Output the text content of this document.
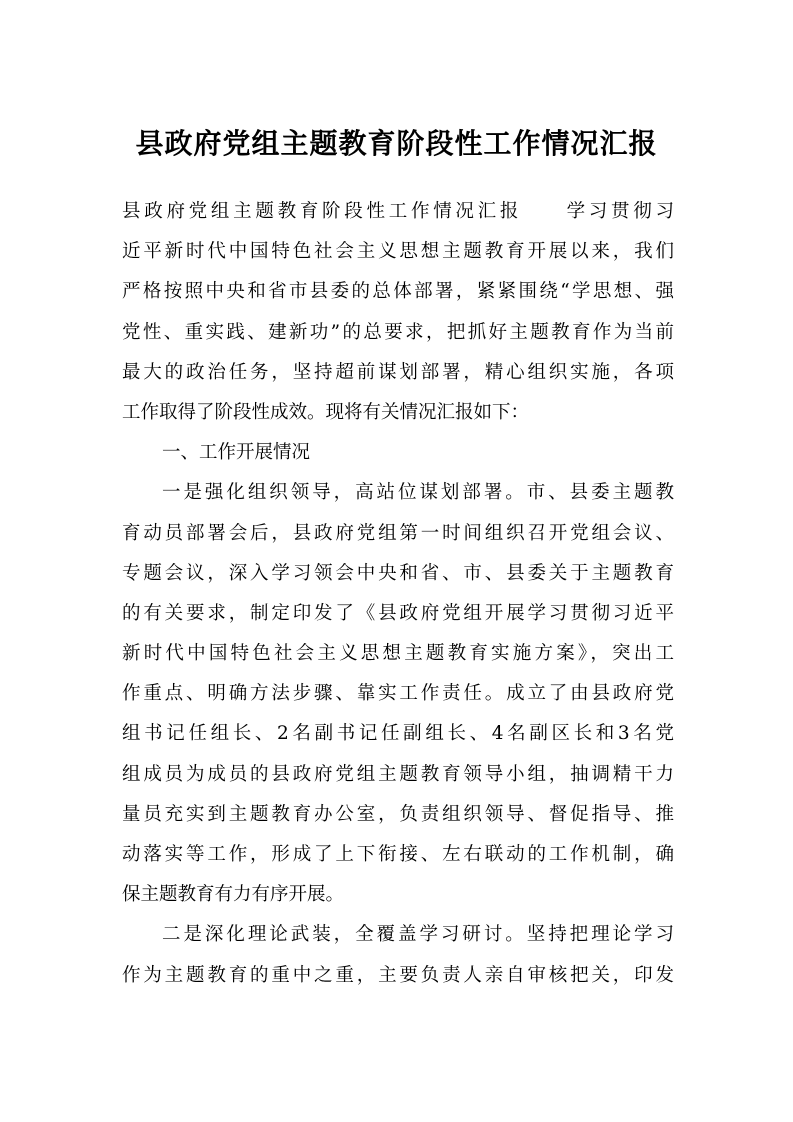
县政府党组主题教育阶段性工作情况汇报
县政府党组主题教育阶段性工作情况汇报　　学习贯彻习
近平新时代中国特色社会主义思想主题教育开展以来，我们
严格按照中央和省市县委的总体部署，紧紧围绕“学思想、强
党性、重实践、建新功”的总要求，把抓好主题教育作为当前
最大的政治任务，坚持超前谋划部署，精心组织实施，各项
工作取得了阶段性成效。现将有关情况汇报如下：
一、工作开展情况
一是强化组织领导，高站位谋划部署。市、县委主题教
育动员部署会后，县政府党组第一时间组织召开党组会议、
专题会议，深入学习领会中央和省、市、县委关于主题教育
的有关要求，制定印发了《县政府党组开展学习贯彻习近平
新时代中国特色社会主义思想主题教育实施方案》，突出工
作重点、明确方法步骤、靠实工作责任。成立了由县政府党
组书记任组长、2名副书记任副组长、4名副区长和3名党
组成员为成员的县政府党组主题教育领导小组，抽调精干力
量员充实到主题教育办公室，负责组织领导、督促指导、推
动落实等工作，形成了上下衔接、左右联动的工作机制，确
保主题教育有力有序开展。
二是深化理论武装，全覆盖学习研讨。坚持把理论学习
作为主题教育的重中之重，主要负责人亲自审核把关，印发
